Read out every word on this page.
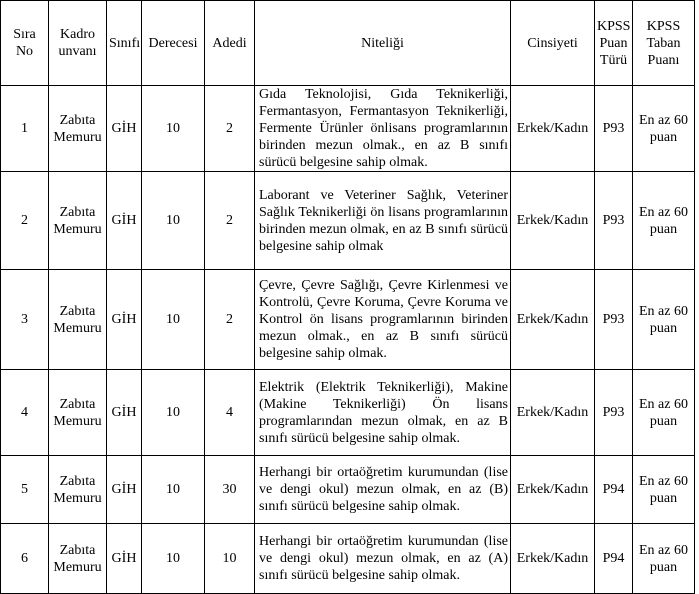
Sıra No	Kadro unvanı	Sınıfı	Derecesi	Adedi	Niteliği	Cinsiyeti	KPSS Puan Türü	KPSS Taban Puanı
1	Zabıta Memuru	GİH	10	2	Gıda Teknolojisi, Gıda Teknikerliği, Fermantasyon, Fermantasyon Teknikerliği, Fermente Ürünler önlisans programlarının birinden mezun olmak., en az B sınıfı sürücü belgesine sahip olmak.	Erkek/Kadın	P93	En az 60 puan
2	Zabıta Memuru	GİH	10	2	Laborant ve Veteriner Sağlık, Veteriner Sağlık Teknikerliği ön lisans programlarının birinden mezun olmak, en az B sınıfı sürücü belgesine sahip olmak	Erkek/Kadın	P93	En az 60 puan
3	Zabıta Memuru	GİH	10	2	Çevre, Çevre Sağlığı, Çevre Kirlenmesi ve Kontrolü, Çevre Koruma, Çevre Koruma ve Kontrol ön lisans programlarının birinden mezun olmak., en az B sınıfı sürücü belgesine sahip olmak.	Erkek/Kadın	P93	En az 60 puan
4	Zabıta Memuru	GİH	10	4	Elektrik (Elektrik Teknikerliği), Makine (Makine Teknikerliği) Ön lisans programlarından mezun olmak, en az B sınıfı sürücü belgesine sahip olmak.	Erkek/Kadın	P93	En az 60 puan
5	Zabıta Memuru	GİH	10	30	Herhangi bir ortaöğretim kurumundan (lise ve dengi okul) mezun olmak, en az (B) sınıfı sürücü belgesine sahip olmak.	Erkek/Kadın	P94	En az 60 puan
6	Zabıta Memuru	GİH	10	10	Herhangi bir ortaöğretim kurumundan (lise ve dengi okul) mezun olmak, en az (A) sınıfı sürücü belgesine sahip olmak.	Erkek/Kadın	P94	En az 60 puan
